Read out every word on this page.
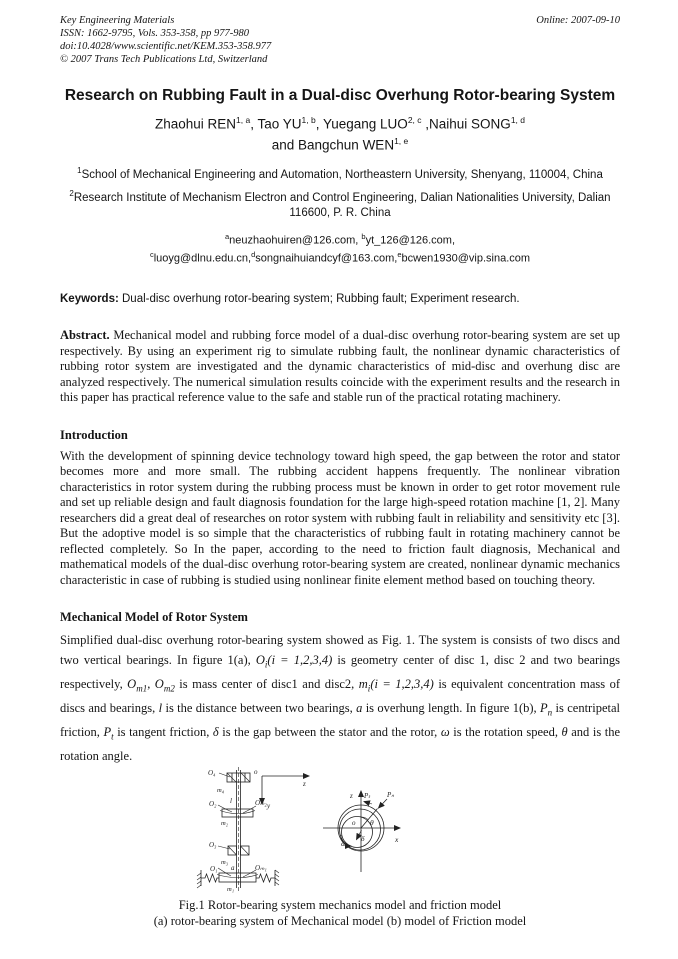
Key Engineering Materials
ISSN: 1662-9795, Vols. 353-358, pp 977-980
doi:10.4028/www.scientific.net/KEM.353-358.977
© 2007 Trans Tech Publications Ltd, Switzerland
Online: 2007-09-10
Research on Rubbing Fault in a Dual-disc Overhung Rotor-bearing System
Zhaohui REN$^{1, a}$, Tao YU$^{1, b}$, Yuegang LUO$^{2, c}$ ,Naihui SONG$^{1, d}$
and Bangchun WEN$^{1, e}$
$^1$School of Mechanical Engineering and Automation, Northeastern University, Shenyang, 110004, China
$^2$Research Institute of Mechanism Electron and Control Engineering, Dalian Nationalities University, Dalian 116600, P. R. China
$^a$neuzhaohuiren@126.com, $^b$yt_126@126.com,
$^c$luoyg@dlnu.edu.cn,$^d$songnaihuiandcyf@163.com,$^e$bcwen1930@vip.sina.com
Keywords: Dual-disc overhung rotor-bearing system; Rubbing fault; Experiment research.
Abstract. Mechanical model and rubbing force model of a dual-disc overhung rotor-bearing system are set up respectively. By using an experiment rig to simulate rubbing fault, the nonlinear dynamic characteristics of rubbing rotor system are investigated and the dynamic characteristics of mid-disc and overhung disc are analyzed respectively. The numerical simulation results coincide with the experiment results and the research in this paper has practical reference value to the safe and stable run of the practical rotating machinery.
Introduction

With the development of spinning device technology toward high speed, the gap between the rotor and stator becomes more and more small. The rubbing accident happens frequently. The nonlinear vibration characteristics in rotor system during the rubbing process must be known in order to get rotor movement rule and set up reliable design and fault diagnosis foundation for the large high-speed rotation machine [1, 2]. Many researchers did a great deal of researches on rotor system with rubbing fault in reliability and sensitivity etc [3]. But the adoptive model is so simple that the characteristics of rubbing fault in rotating machinery cannot be reflected completely. So In the paper, according to the need to friction fault diagnosis, Mechanical and mathematical models of the dual-disc overhung rotor-bearing system are created, nonlinear dynamic mechanics characteristic in case of rubbing is studied using nonlinear finite element method based on touching theory.

Mechanical Model of Rotor System

Simplified dual-disc overhung rotor-bearing system showed as Fig. 1. The system is consists of two discs and two vertical bearings. In figure 1(a), $O_i(i = 1,2,3,4)$ is geometry center of disc 1, disc 2 and two bearings respectively, $O_{m1}$, $O_{m2}$ is mass center of disc1 and disc2, $m_i(i = 1,2,3,4)$ is equivalent concentration mass of discs and bearings, l is the distance between two bearings, a is overhung length. In figure 1(b), $P_n$ is centripetal friction, $P_t$ is tangent friction, δ is the gap between the stator and the rotor, ω is the rotation speed, θ and is the rotation angle.

O₄
m₄
o
z
y
O₂ l	Oₘ₂
m₂
O₃
m₃
O₁ a	Oₘ₁
m₁
z Pₜ Pₙ
θ
o
δ
ω	x
Fig.1 Rotor-bearing system mechanics model and friction model
(a) rotor-bearing system of Mechanical model (b) model of Friction model
